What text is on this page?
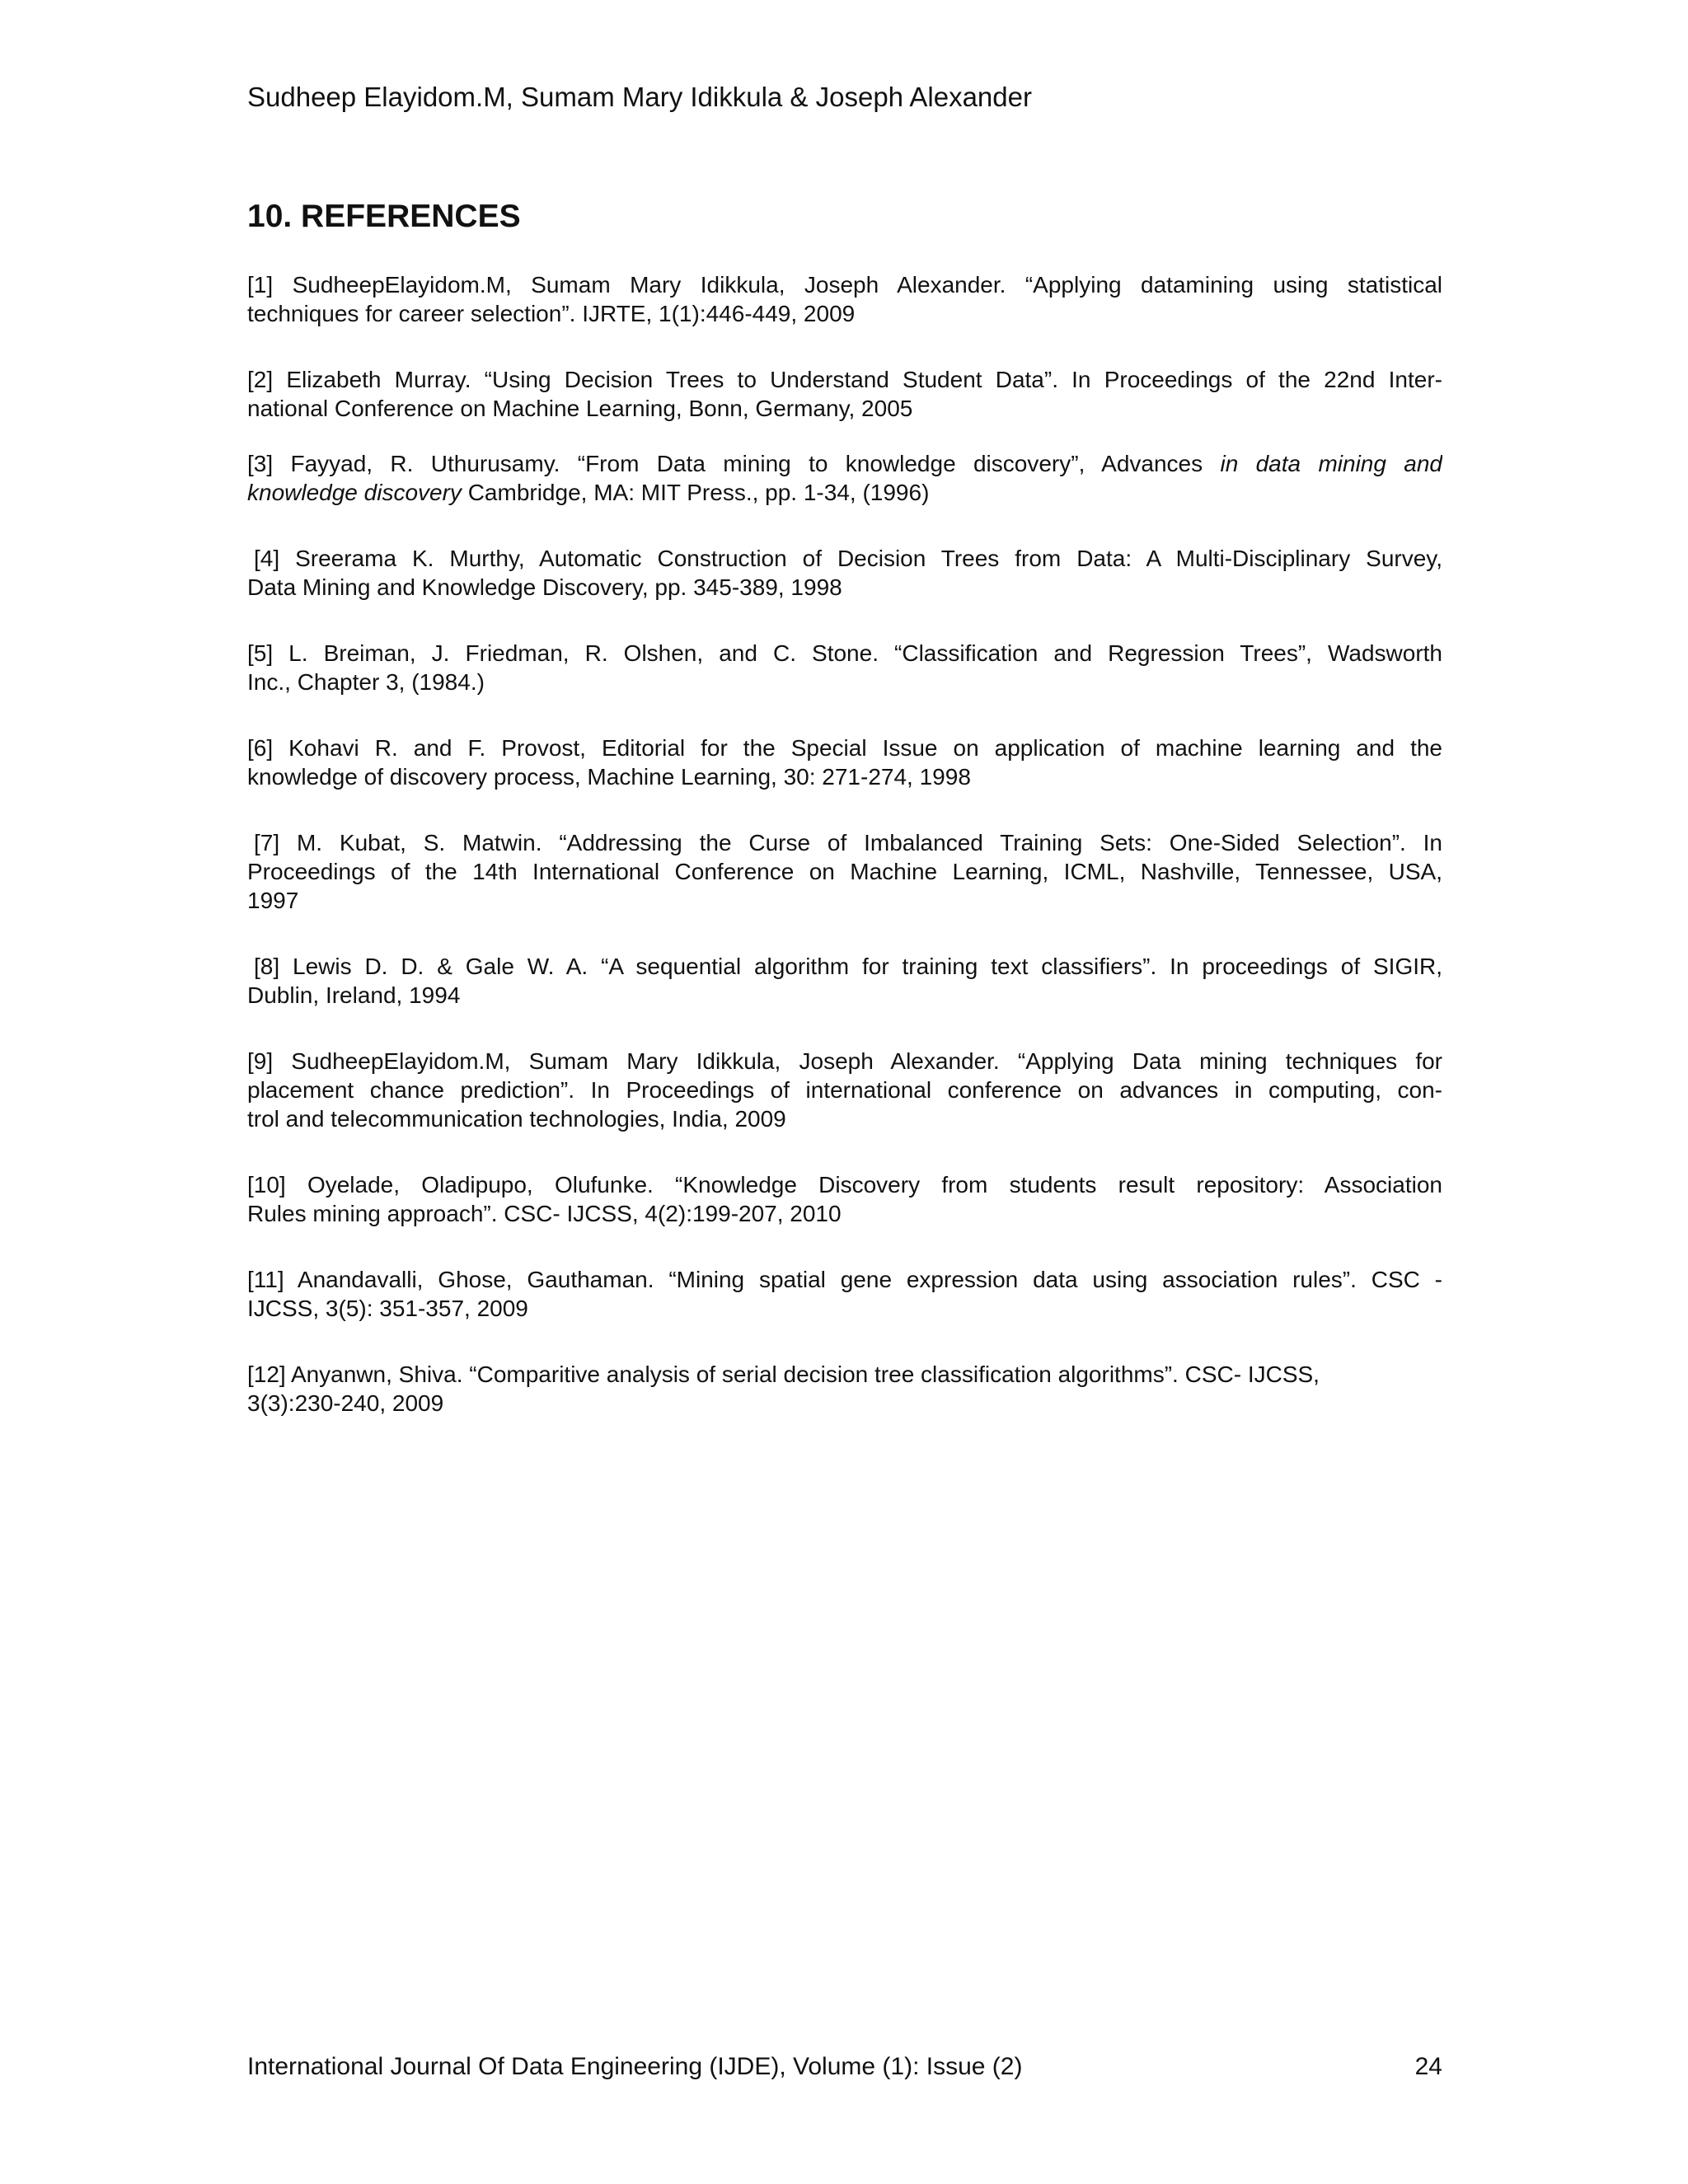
Sudheep Elayidom.M, Sumam Mary Idikkula & Joseph Alexander
10. REFERENCES
[1] SudheepElayidom.M, Sumam Mary Idikkula, Joseph Alexander. “Applying datamining using statistical
techniques for career selection”. IJRTE, 1(1):446-449, 2009
[2] Elizabeth Murray. “Using Decision Trees to Understand Student Data”. In Proceedings of the 22nd Inter-
national Conference on Machine Learning, Bonn, Germany, 2005
[3] Fayyad, R. Uthurusamy. “From Data mining to knowledge discovery”, Advances in data mining and
knowledge discovery Cambridge, MA: MIT Press., pp. 1-34, (1996)
[4] Sreerama K. Murthy, Automatic Construction of Decision Trees from Data: A Multi-Disciplinary Survey,
Data Mining and Knowledge Discovery, pp. 345-389, 1998
[5] L. Breiman, J. Friedman, R. Olshen, and C. Stone. “Classification and Regression Trees”, Wadsworth
Inc., Chapter 3, (1984.)
[6] Kohavi R. and F. Provost, Editorial for the Special Issue on application of machine learning and the
knowledge of discovery process, Machine Learning, 30: 271-274, 1998
[7] M. Kubat, S. Matwin. “Addressing the Curse of Imbalanced Training Sets: One-Sided Selection”. In
Proceedings of the 14th International Conference on Machine Learning, ICML, Nashville, Tennessee, USA,
1997
[8] Lewis D. D. & Gale W. A. “A sequential algorithm for training text classifiers”. In proceedings of SIGIR,
Dublin, Ireland, 1994
[9] SudheepElayidom.M, Sumam Mary Idikkula, Joseph Alexander. “Applying Data mining techniques for
placement chance prediction”. In Proceedings of international conference on advances in computing, con-
trol and telecommunication technologies, India, 2009
[10] Oyelade, Oladipupo, Olufunke. “Knowledge Discovery from students result repository: Association
Rules mining approach”. CSC- IJCSS, 4(2):199-207, 2010
[11] Anandavalli, Ghose, Gauthaman. “Mining spatial gene expression data using association rules”. CSC -
IJCSS, 3(5): 351-357, 2009
[12] Anyanwn, Shiva. “Comparitive analysis of serial decision tree classification algorithms”. CSC- IJCSS,
3(3):230-240, 2009
International Journal Of Data Engineering (IJDE), Volume (1): Issue (2)	24
